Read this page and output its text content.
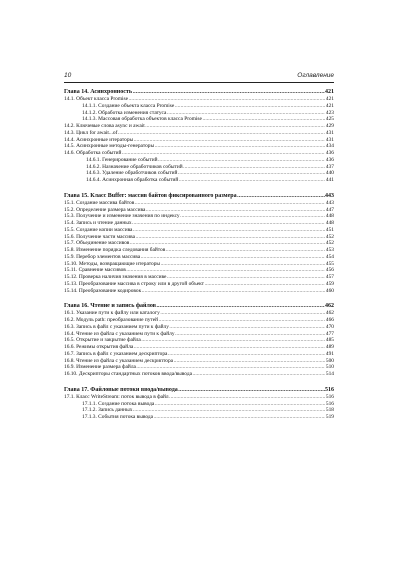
10	Оглавление
Глава 14. Асинхронность .....	421
14.1. Объект класса Promise .....	421
14.1.1. Создание объекта класса Promise .....	421
14.1.2. Обработка изменения статуса .....	423
14.1.3. Массовая обработка объектов класса Promise .....	425
14.2. Ключевые слова async и await .....	429
14.3. Цикл for await...of .....	431
14.4. Асинхронные итераторы .....	431
14.5. Асинхронные методы-генераторы .....	434
14.6. Обработка событий .....	436
14.6.1. Генерирование событий .....	436
14.6.2. Назначение обработчиков событий .....	437
14.6.3. Удаление обработчиков событий .....	440
14.6.4. Асинхронная обработка событий .....	441
Глава 15. Класс Buffer: массив байтов фиксированного размера .....	443
15.1. Создание массива байтов .....	443
15.2. Определение размера массива .....	447
15.3. Получение и изменение значения по индексу .....	448
15.4. Запись и чтение данных .....	448
15.5. Создание копии массива .....	451
15.6. Получение части массива .....	452
15.7. Объединение массивов .....	452
15.8. Изменение порядка следования байтов .....	453
15.9. Перебор элементов массива .....	454
15.10. Методы, возвращающие итераторы .....	455
15.11. Сравнение массивов .....	456
15.12. Проверка наличия значения в массиве .....	457
15.13. Преобразование массива в строку или в другой объект .....	459
15.14. Преобразование кодировок .....	460
Глава 16. Чтение и запись файлов .....	462
16.1. Указание пути к файлу или каталогу .....	462
16.2. Модуль path: преобразование путей .....	466
16.3. Запись в файл с указанием пути к файлу .....	470
16.4. Чтение из файла с указанием пути к файлу .....	477
16.5. Открытие и закрытие файла .....	485
16.6. Режимы открытия файла .....	489
16.7. Запись в файл с указанием дескриптора .....	491
16.8. Чтение из файла с указанием дескриптора .....	500
16.9. Изменение размера файла .....	510
16.10. Дескрипторы стандартных потоков ввода/вывода .....	514
Глава 17. Файловые потоки ввода/вывода .....	516
17.1. Класс WriteStream: поток вывода в файл .....	516
17.1.1. Создание потока вывода .....	516
17.1.2. Запись данных .....	518
17.1.3. События потока вывода .....	519
